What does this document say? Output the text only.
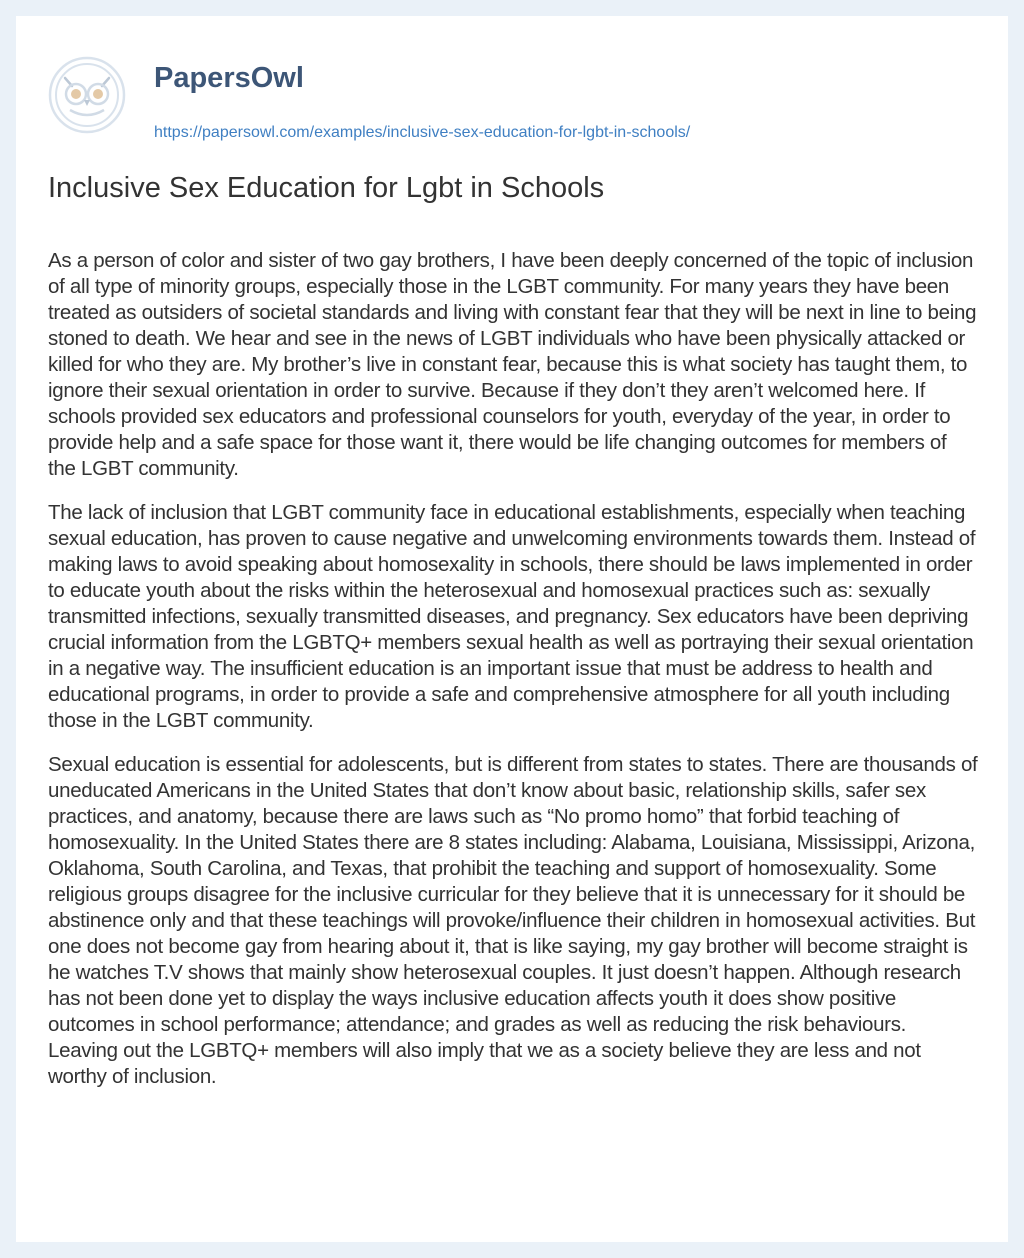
PapersOwl
https://papersowl.com/examples/inclusive-sex-education-for-lgbt-in-schools/
Inclusive Sex Education for Lgbt in Schools

As a person of color and sister of two gay brothers, I have been deeply concerned of the topic of inclusion of all type of minority groups, especially those in the LGBT community. For many years they have been treated as outsiders of societal standards and living with constant fear that they will be next in line to being stoned to death. We hear and see in the news of LGBT individuals who have been physically attacked or killed for who they are. My brother’s live in constant fear, because this is what society has taught them, to ignore their sexual orientation in order to survive. Because if they don’t they aren’t welcomed here. If schools provided sex educators and professional counselors for youth, everyday of the year, in order to provide help and a safe space for those want it, there would be life changing outcomes for members of the LGBT community.

The lack of inclusion that LGBT community face in educational establishments, especially when teaching sexual education, has proven to cause negative and unwelcoming environments towards them. Instead of making laws to avoid speaking about homosexality in schools, there should be laws implemented in order to educate youth about the risks within the heterosexual and homosexual practices such as: sexually transmitted infections, sexually transmitted diseases, and pregnancy. Sex educators have been depriving crucial information from the LGBTQ+ members sexual health as well as portraying their sexual orientation in a negative way. The insufficient education is an important issue that must be address to health and educational programs, in order to provide a safe and comprehensive atmosphere for all youth including those in the LGBT community.

Sexual education is essential for adolescents, but is different from states to states. There are thousands of uneducated Americans in the United States that don’t know about basic, relationship skills, safer sex practices, and anatomy, because there are laws such as “No promo homo” that forbid teaching of homosexuality. In the United States there are 8 states including: Alabama, Louisiana, Mississippi, Arizona, Oklahoma, South Carolina, and Texas, that prohibit the teaching and support of homosexuality. Some religious groups disagree for the inclusive curricular for they believe that it is unnecessary for it should be abstinence only and that these teachings will provoke/influence their children in homosexual activities. But one does not become gay from hearing about it, that is like saying, my gay brother will become straight is he watches T.V shows that mainly show heterosexual couples. It just doesn’t happen. Although research has not been done yet to display the ways inclusive education affects youth it does show positive outcomes in school performance; attendance; and grades as well as reducing the risk behaviours. Leaving out the LGBTQ+ members will also imply that we as a society believe they are less and not worthy of inclusion.
